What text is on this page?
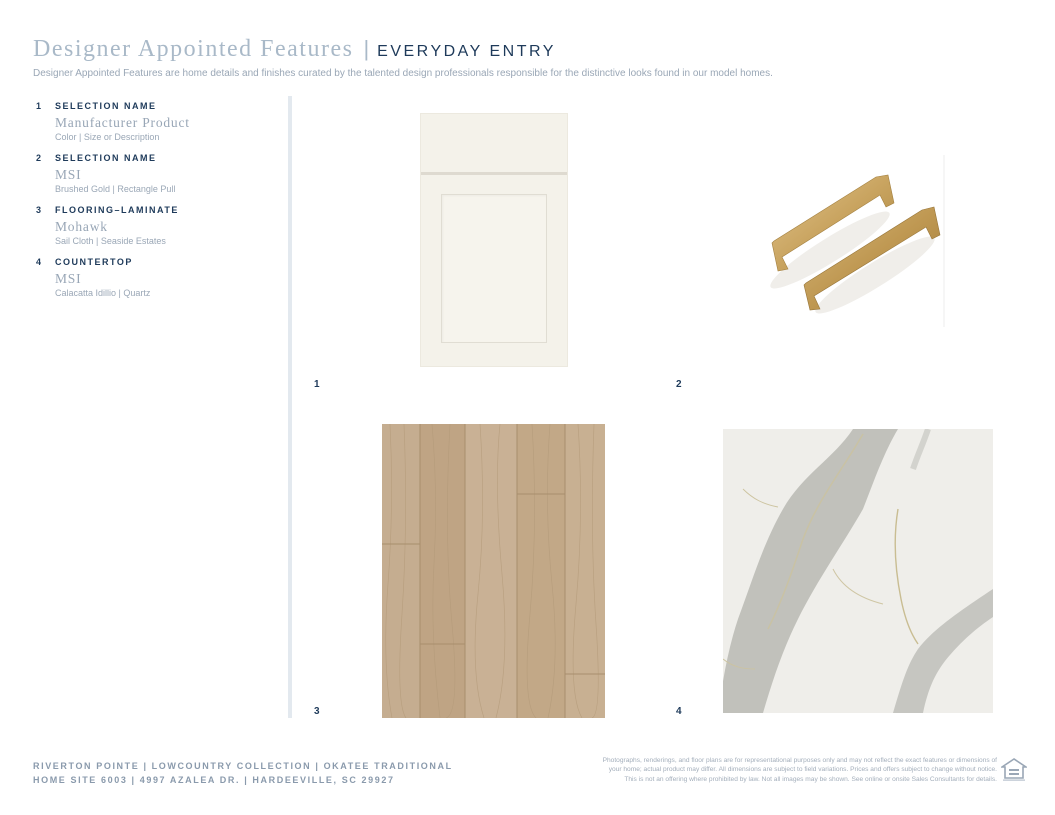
Designer Appointed Features | EVERYDAY ENTRY
Designer Appointed Features are home details and finishes curated by the talented design professionals responsible for the distinctive looks found in our model homes.
1	SELECTION NAME
Manufacturer Product
Color | Size or Description
2	SELECTION NAME
MSI
Brushed Gold | Rectangle Pull
3	FLOORING–LAMINATE
Mohawk
Sail Cloth | Seaside Estates
4	COUNTERTOP
MSI
Calacatta Idillio | Quartz
1	2
3	4
RIVERTON POINTE | LOWCOUNTRY COLLECTION | OKATEE TRADITIONAL
HOME SITE 6003 | 4997 AZALEA DR. | HARDEEVILLE, SC 29927
Photographs, renderings, and floor plans are for representational purposes only and may not reflect the exact features or dimensions of
your home; actual product may differ. All dimensions are subject to field variations. Prices and offers subject to change without notice.
This is not an offering where prohibited by law. Not all images may be shown. See online or onsite Sales Consultants for details.
